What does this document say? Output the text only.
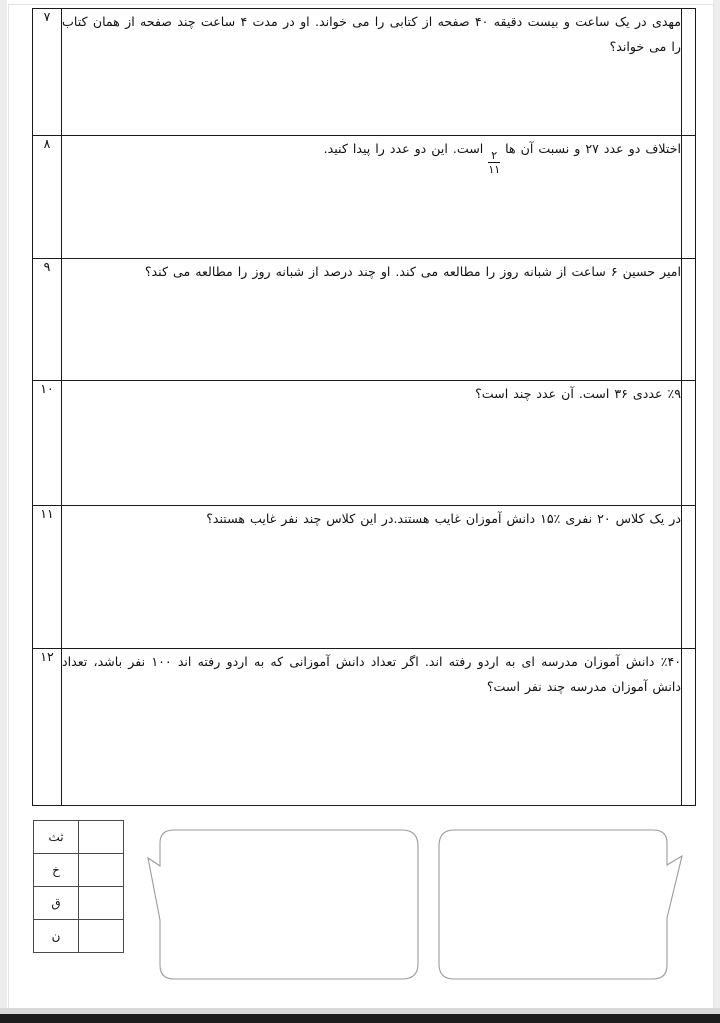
	مهدی در یک ساعت و بیست دقیقه ۴۰ صفحه از کتابی را می خواند. او در مدت ۴ ساعت چند صفحه از همان کتاب را می خواند؟	۷

	اختلاف دو عدد ۲۷ و نسبت آن ها
$\frac{۲}{۱۱}$
است. این دو عدد را پیدا کنید.	۸

	امیر حسین ۶ ساعت از شبانه روز را مطالعه می کند. او چند درصد از شبانه روز را مطالعه می کند؟	۹

	٪۹ عددی ۳۶ است. آن عدد چند است؟	۱۰

	در یک کلاس ۲۰ نفری ٪۱۵ دانش آموزان غایب هستند.در این کلاس چند نفر غایب هستند؟	۱۱

	٪۴۰ دانش آموزان مدرسه ای به اردو رفته اند. اگر تعداد دانش آموزانی که به اردو رفته اند ۱۰۰ نفر باشد، تعداد دانش آموزان مدرسه چند نفر است؟	۱۲
	ثث
	خ
	ق
	ن
